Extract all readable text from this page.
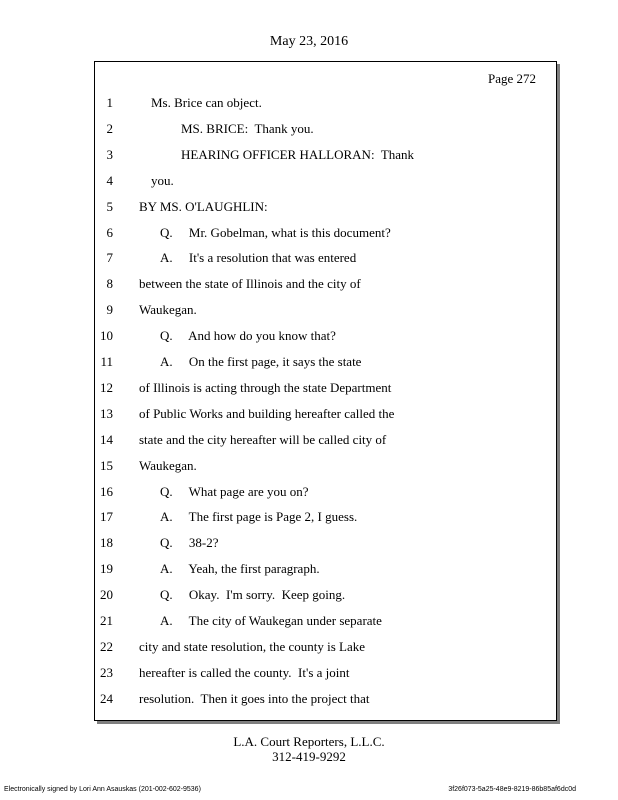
May 23, 2016
Page 272
1	Ms. Brice can object.
2	MS. BRICE:  Thank you.
3	HEARING OFFICER HALLORAN:  Thank
4	you.
5 BY MS. O'LAUGHLIN:
6	Q.     Mr. Gobelman, what is this document?
7	A.     It's a resolution that was entered
8 between the state of Illinois and the city of
9 Waukegan.
10	Q.     And how do you know that?
11	A.     On the first page, it says the state
12 of Illinois is acting through the state Department
13 of Public Works and building hereafter called the
14 state and the city hereafter will be called city of
15 Waukegan.
16	Q.     What page are you on?
17	A.     The first page is Page 2, I guess.
18	Q.     38-2?
19	A.     Yeah, the first paragraph.
20	Q.     Okay.  I'm sorry.  Keep going.
21	A.     The city of Waukegan under separate
22 city and state resolution, the county is Lake
23 hereafter is called the county.  It's a joint
24 resolution.  Then it goes into the project that
L.A. Court Reporters, L.L.C.
312-419-9292
Electronically signed by Lori Ann Asauskas (201-002-602-9536)	3f26f073-5a25-48e9-8219-86b85af6dc0d
